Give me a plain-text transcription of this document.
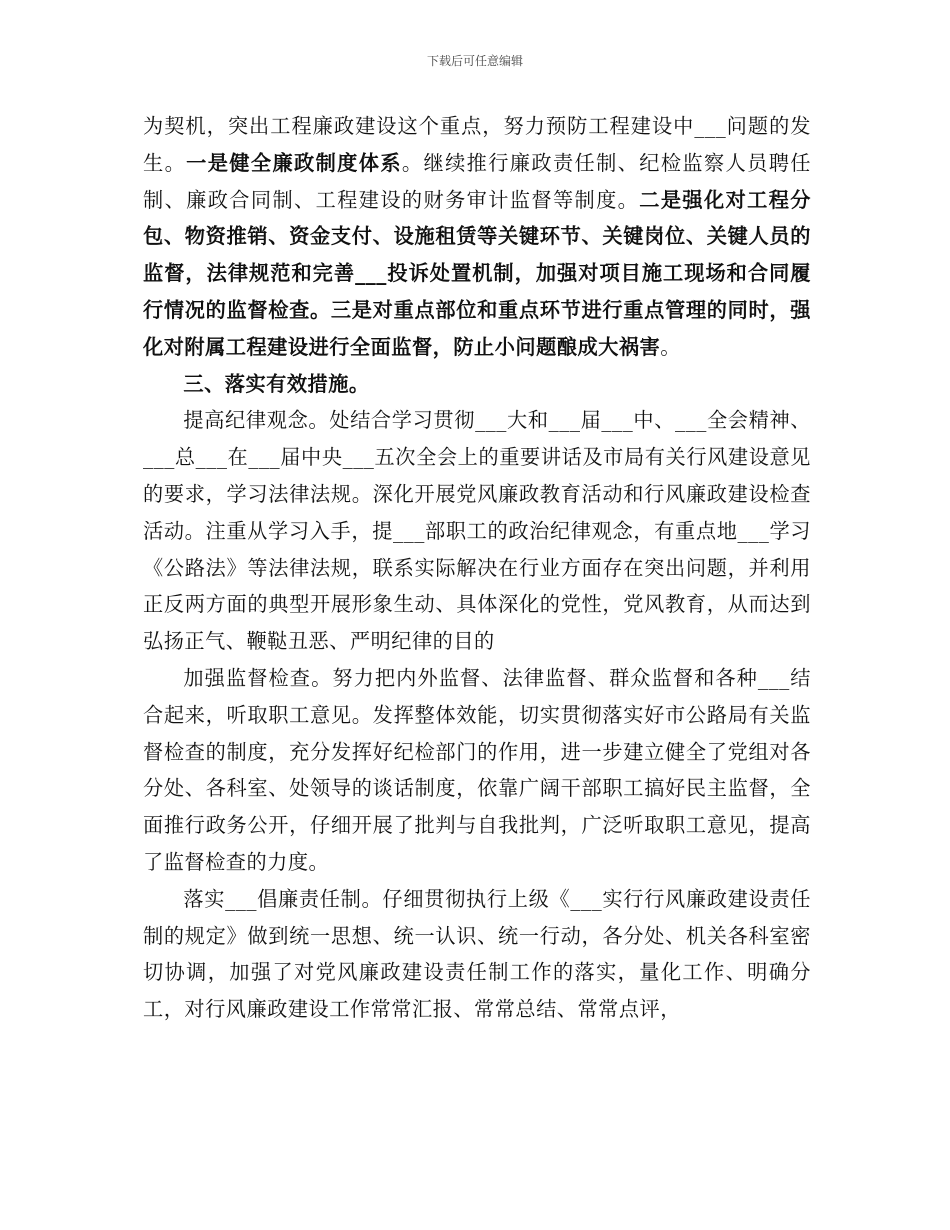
下载后可任意编辑

为契机，突出工程廉政建设这个重点，努力预防工程建设中___问题的发生。一是健全廉政制度体系。继续推行廉政责任制、纪检监察人员聘任制、廉政合同制、工程建设的财务审计监督等制度。二是强化对工程分包、物资推销、资金支付、设施租赁等关键环节、关键岗位、关键人员的监督，法律规范和完善___投诉处置机制，加强对项目施工现场和合同履行情况的监督检查。三是对重点部位和重点环节进行重点管理的同时，强化对附属工程建设进行全面监督，防止小问题酿成大祸害。

三、落实有效措施。

提高纪律观念。处结合学习贯彻___大和___届___中、___全会精神、___总___在___届中央___五次全会上的重要讲话及市局有关行风建设意见的要求，学习法律法规。深化开展党风廉政教育活动和行风廉政建设检查活动。注重从学习入手，提___部职工的政治纪律观念，有重点地___学习《公路法》等法律法规，联系实际解决在行业方面存在突出问题，并利用正反两方面的典型开展形象生动、具体深化的党性，党风教育，从而达到弘扬正气、鞭鞑丑恶、严明纪律的目的

加强监督检查。努力把内外监督、法律监督、群众监督和各种___结合起来，听取职工意见。发挥整体效能，切实贯彻落实好市公路局有关监督检查的制度，充分发挥好纪检部门的作用，进一步建立健全了党组对各分处、各科室、处领导的谈话制度，依靠广阔干部职工搞好民主监督，全面推行政务公开，仔细开展了批判与自我批判，广泛听取职工意见，提高了监督检查的力度。

落实___倡廉责任制。仔细贯彻执行上级《___实行行风廉政建设责任制的规定》做到统一思想、统一认识、统一行动，各分处、机关各科室密切协调，加强了对党风廉政建设责任制工作的落实，量化工作、明确分工，对行风廉政建设工作常常汇报、常常总结、常常点评，
